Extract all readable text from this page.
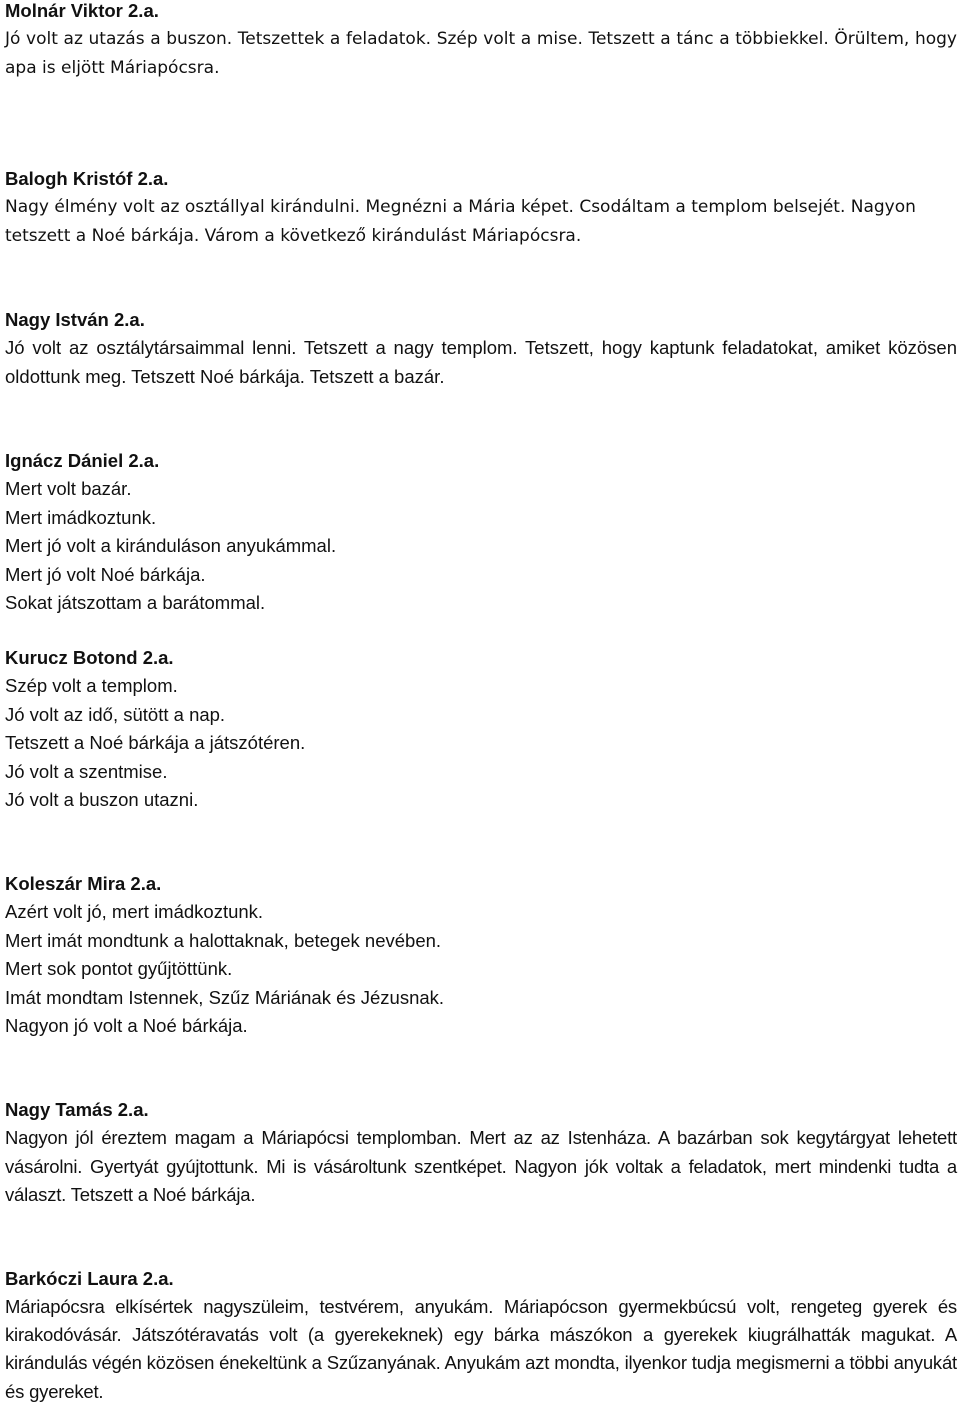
Molnár Viktor 2.a.
Jó volt az utazás a buszon. Tetszettek a feladatok. Szép volt a mise. Tetszett a tánc a többiekkel. Örültem, hogy apa is eljött Máriapócsra.
Balogh Kristóf 2.a.
Nagy élmény volt az osztállyal kirándulni. Megnézni a Mária képet. Csodáltam a templom belsejét. Nagyon tetszett a Noé bárkája. Várom a következő kirándulást Máriapócsra.
Nagy István 2.a.
Jó volt az osztálytársaimmal lenni. Tetszett a nagy templom. Tetszett, hogy kaptunk feladatokat, amiket közösen oldottunk meg. Tetszett Noé bárkája. Tetszett a bazár.
Ignácz Dániel 2.a.
Mert volt bazár.
Mert imádkoztunk.
Mert jó volt a kiránduláson anyukámmal.
Mert jó volt Noé bárkája.
Sokat játszottam a barátommal.
Kurucz Botond 2.a.
Szép volt a templom.
Jó volt az idő, sütött a nap.
Tetszett a Noé bárkája a játszótéren.
Jó volt a szentmise.
Jó volt a buszon utazni.
Koleszár Mira 2.a.
Azért volt jó, mert imádkoztunk.
Mert imát mondtunk a halottaknak, betegek nevében.
Mert sok pontot gyűjtöttünk.
Imát mondtam Istennek, Szűz Máriának és Jézusnak.
Nagyon jó volt a Noé bárkája.
Nagy Tamás 2.a.
Nagyon jól éreztem magam a Máriapócsi templomban. Mert az az Istenháza. A bazárban sok kegytárgyat lehetett vásárolni. Gyertyát gyújtottunk. Mi is vásároltunk szentképet. Nagyon jók voltak a feladatok, mert mindenki tudta a választ. Tetszett a Noé bárkája.
Barkóczi Laura 2.a.
Máriapócsra elkísértek nagyszüleim, testvérem, anyukám. Máriapócson gyermekbúcsú volt, rengeteg gyerek és kirakodóvásár. Játszótéravatás volt (a gyerekeknek) egy bárka mászókon a gyerekek kiugrálhatták magukat. A kirándulás végén közösen énekeltünk a Szűzanyának. Anyukám azt mondta, ilyenkor tudja megismerni a többi anyukát és gyereket.
